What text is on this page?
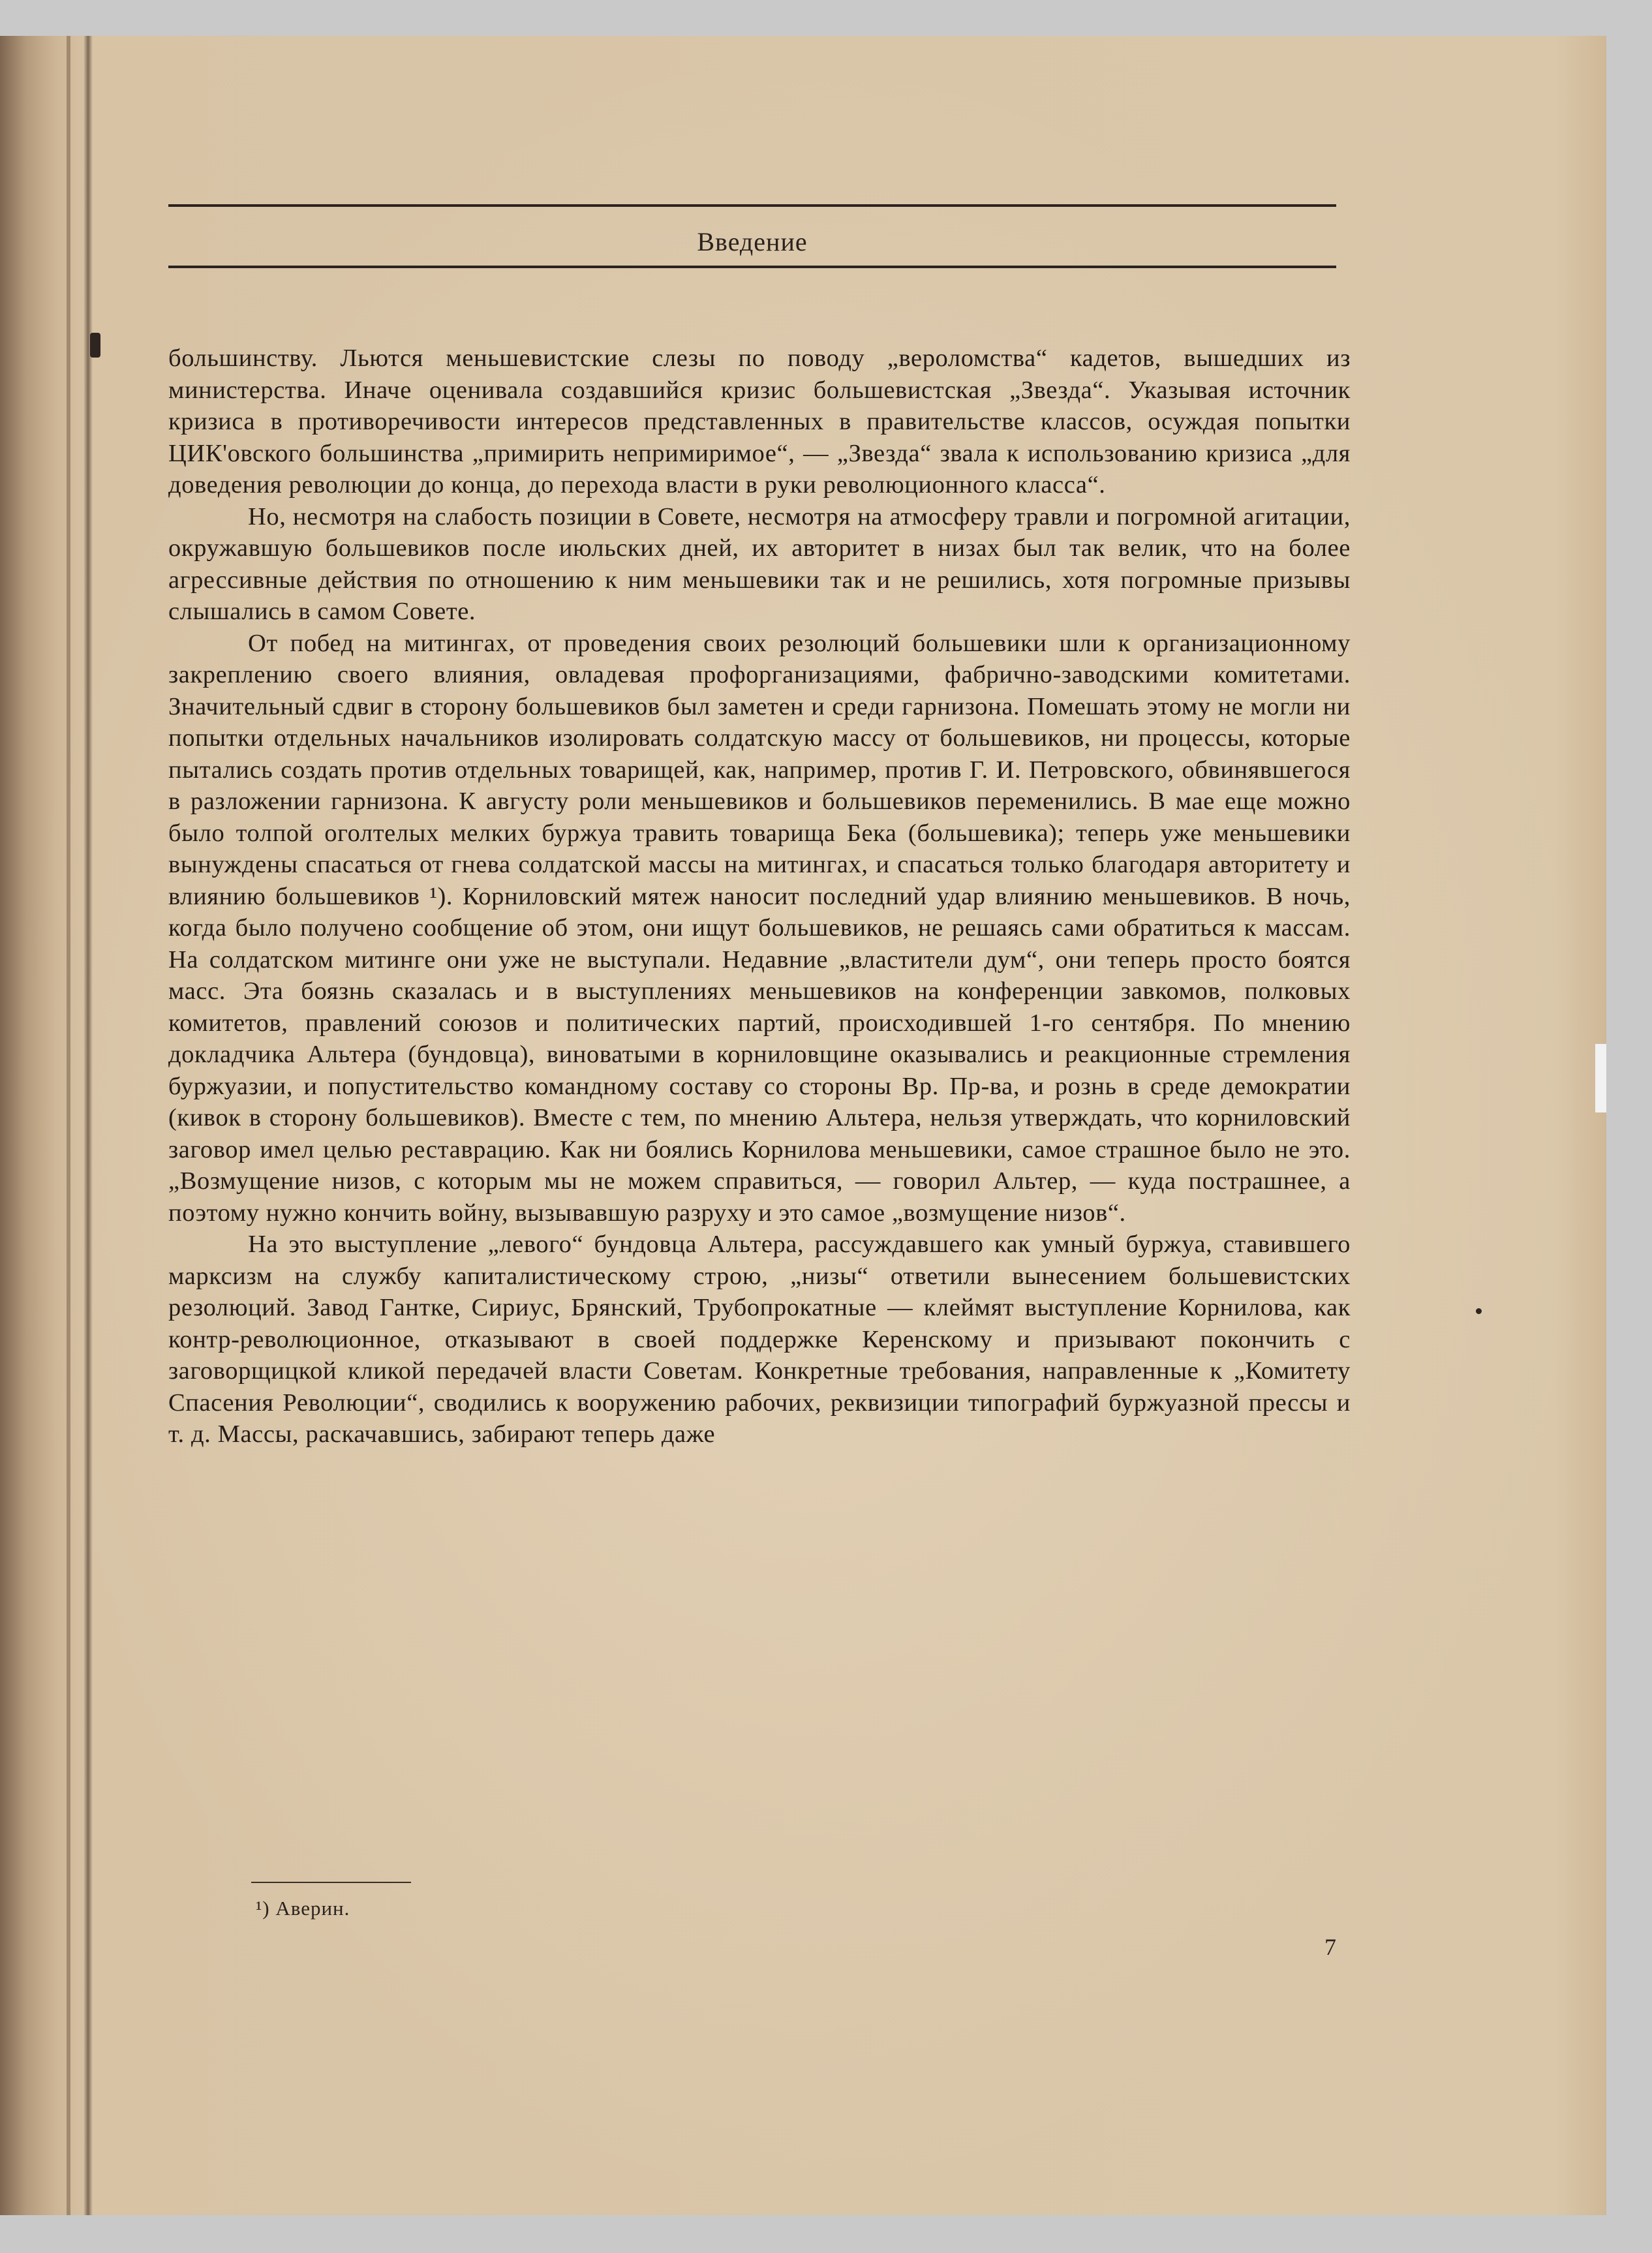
Введение

большинству. Льются меньшевистские слезы по поводу „вероломства“ кадетов, вышедших из министерства. Иначе оценивала создавшийся кризис большевистская „Звезда“. Указывая источник кризиса в противоречивости интересов представленных в правительстве классов, осуждая попытки ЦИК'овского большинства „примирить непримиримое“, — „Звезда“ звала к использованию кризиса „для доведения революции до конца, до перехода власти в руки революционного класса“.

Но, несмотря на слабость позиции в Совете, несмотря на атмосферу травли и погромной агитации, окружавшую большевиков после июльских дней, их авторитет в низах был так велик, что на более агрессивные действия по отношению к ним меньшевики так и не решились, хотя погромные призывы слышались в самом Совете.

От побед на митингах, от проведения своих резолюций большевики шли к организационному закреплению своего влияния, овладевая профорганизациями, фабрично-заводскими комитетами. Значительный сдвиг в сторону большевиков был заметен и среди гарнизона. Помешать этому не могли ни попытки отдельных начальников изолировать солдатскую массу от большевиков, ни процессы, которые пытались создать против отдельных товарищей, как, например, против Г. И. Петровского, обвинявшегося в разложении гарнизона. К августу роли меньшевиков и большевиков переменились. В мае еще можно было толпой оголтелых мелких буржуа травить товарища Бека (большевика); теперь уже меньшевики вынуждены спасаться от гнева солдатской массы на митингах, и спасаться только благодаря авторитету и влиянию большевиков ¹). Корниловский мятеж наносит последний удар влиянию меньшевиков. В ночь, когда было получено сообщение об этом, они ищут большевиков, не решаясь сами обратиться к массам. На солдатском митинге они уже не выступали. Недавние „властители дум“, они теперь просто боятся масс. Эта боязнь сказалась и в выступлениях меньшевиков на конференции завкомов, полковых комитетов, правлений союзов и политических партий, происходившей 1-го сентября. По мнению докладчика Альтера (бундовца), виноватыми в корниловщине оказывались и реакционные стремления буржуазии, и попустительство командному составу со стороны Вр. Пр-ва, и рознь в среде демократии (кивок в сторону большевиков). Вместе с тем, по мнению Альтера, нельзя утверждать, что корниловский заговор имел целью реставрацию. Как ни боялись Корнилова меньшевики, самое страшное было не это. „Возмущение низов, с которым мы не можем справиться, — говорил Альтер, — куда пострашнее, а поэтому нужно кончить войну, вызывавшую разруху и это самое „возмущение низов“.

На это выступление „левого“ бундовца Альтера, рассуждавшего как умный буржуа, ставившего марксизм на службу капиталистическому строю, „низы“ ответили вынесением большевистских резолюций. Завод Гантке, Сириус, Брянский, Трубопрокатные — клеймят выступление Корнилова, как контр-революционное, отказывают в своей поддержке Керенскому и призывают покончить с заговорщицкой кликой передачей власти Советам. Конкретные требования, направленные к „Комитету Спасения Революции“, сводились к вооружению рабочих, реквизиции типографий буржуазной прессы и т. д. Массы, раскачавшись, забирают теперь даже

¹) Аверин.
7
